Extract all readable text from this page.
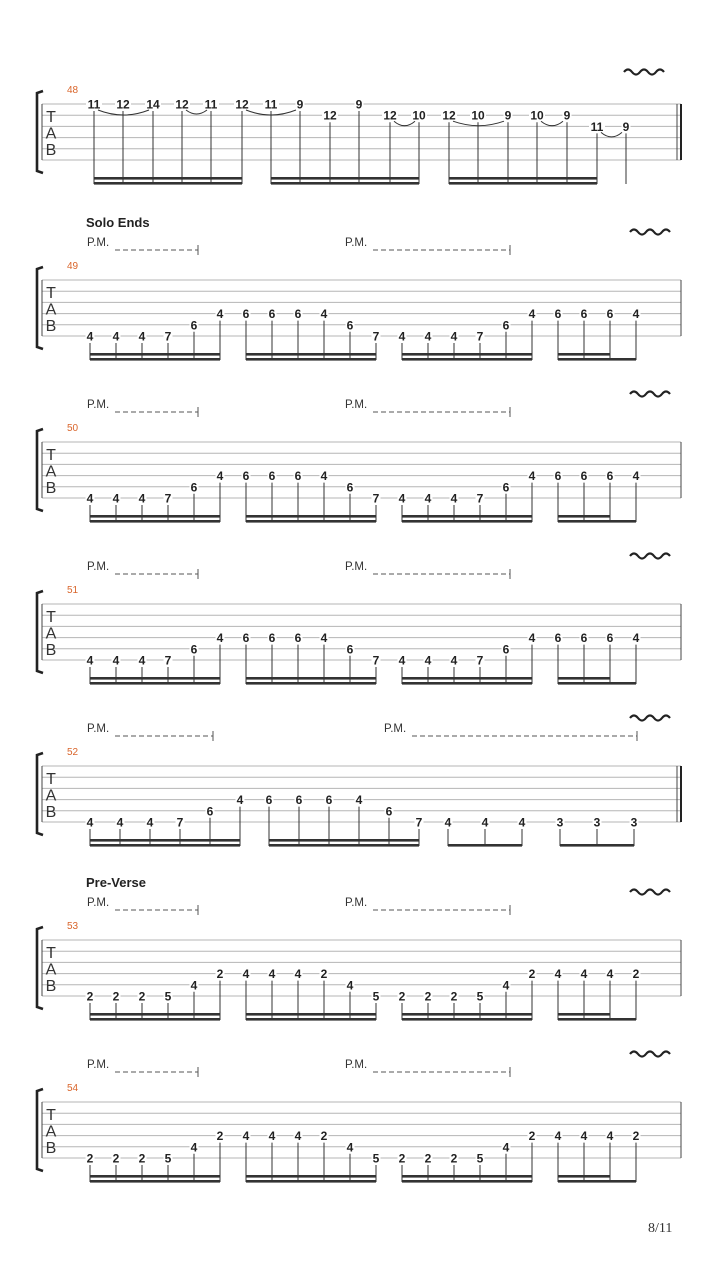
T
A
B
48
11 12 14 12 11 12 11 9
12
9
12 10 12 10 9 10 9
11 9
T
A
B
49
Solo Ends
P.M.	P.M.
4 4 4 7
6
4 6 6 6 4
6
7 4 4 4 7
6
4 6 6 6 4
T
A
B
50
P.M.	P.M.
4 4 4 7
6
4 6 6 6 4
6
7 4 4 4 7
6
4 6 6 6 4
T
A
B
51
P.M.	P.M.
4 4 4 7
6
4 6 6 6 4
6
7 4 4 4 7
6
4 6 6 6 4
T
A
B
52
P.M.	P.M.
4 4 4 7
6
4 6 6 6 4
6
7 4	4	4	3	3	3
T
A
B
53
Pre-Verse
P.M.	P.M.
2 2 2 5
4
2 4 4 4 2
4
5 2 2 2 5
4
2 4 4 4 2
T
A
B
54
P.M.	P.M.
2 2 2 5
4
2 4 4 4 2
4
5 2 2 2 5
4
2 4 4 4 2
8/11
